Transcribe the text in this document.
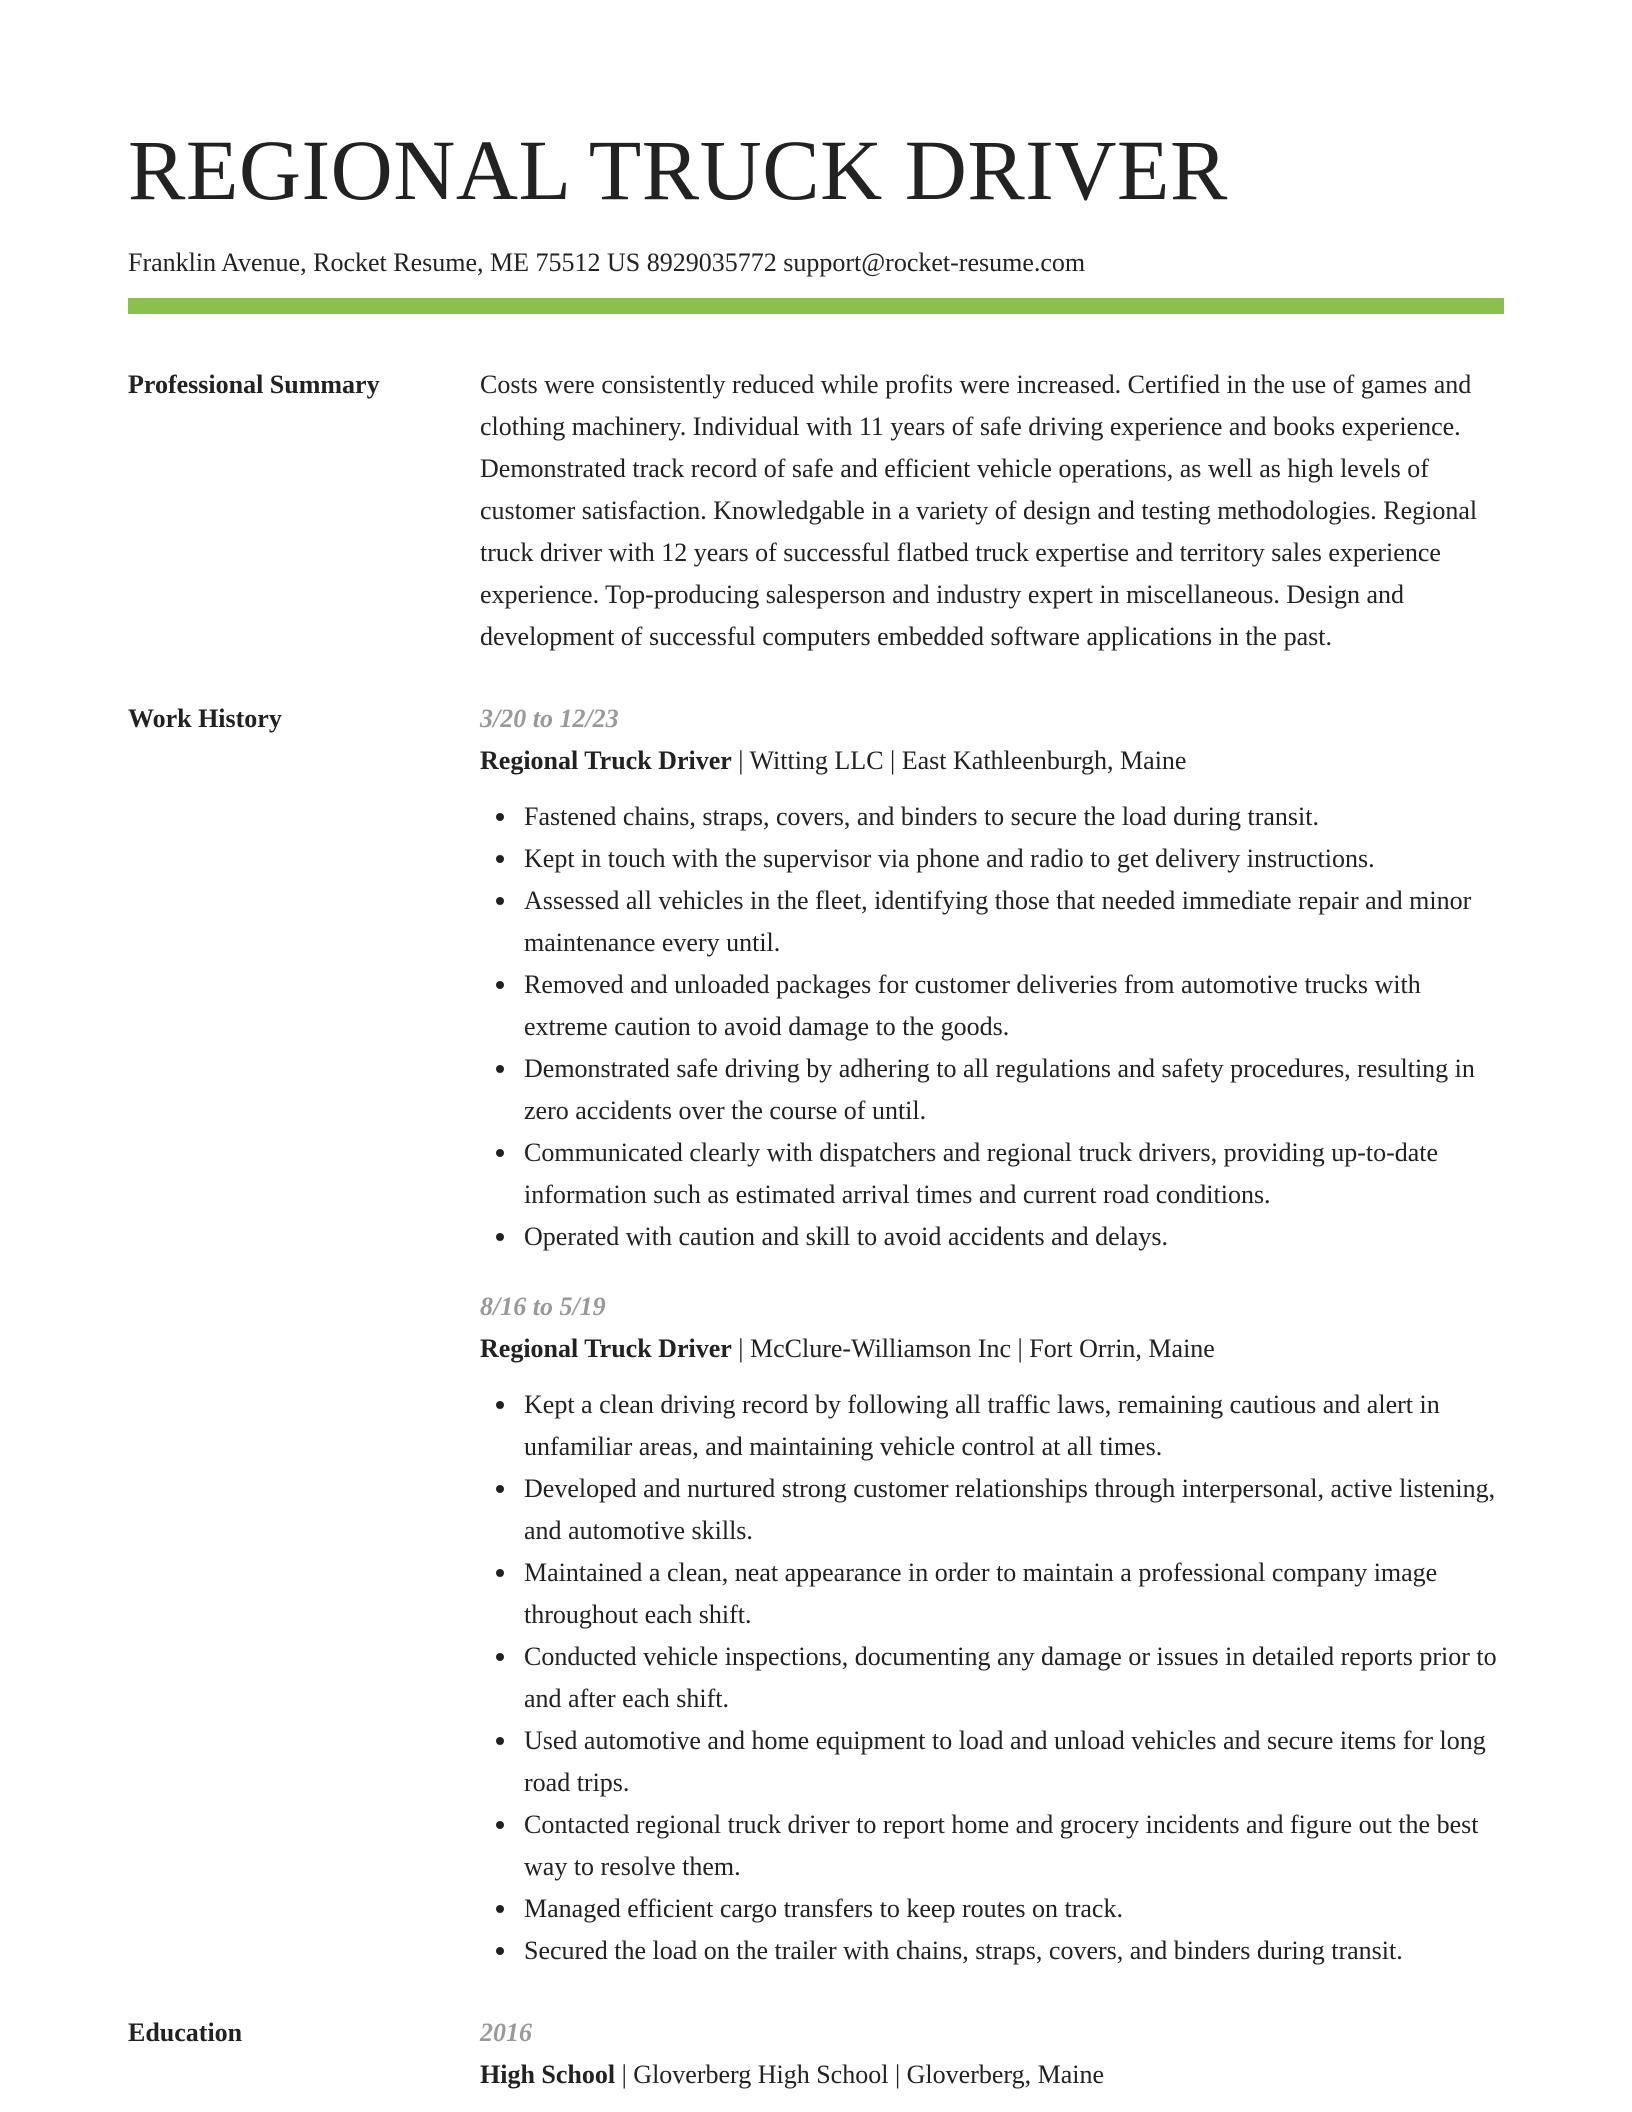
REGIONAL TRUCK DRIVER
Franklin Avenue, Rocket Resume, ME 75512 US 8929035772 support@rocket-resume.com
Professional Summary	Costs were consistently reduced while profits were increased. Certified in the use of games and clothing machinery. Individual with 11 years of safe driving experience and books experience. Demonstrated track record of safe and efficient vehicle operations, as well as high levels of customer satisfaction. Knowledgable in a variety of design and testing methodologies. Regional truck driver with 12 years of successful flatbed truck expertise and territory sales experience experience. Top-producing salesperson and industry expert in miscellaneous. Design and development of successful computers embedded software applications in the past.

Work History	3/20 to 12/23
Regional Truck Driver | Witting LLC | East Kathleenburgh, Maine
Fastened chains, straps, covers, and binders to secure the load during transit.
Kept in touch with the supervisor via phone and radio to get delivery instructions.
Assessed all vehicles in the fleet, identifying those that needed immediate repair and minor maintenance every until.
Removed and unloaded packages for customer deliveries from automotive trucks with extreme caution to avoid damage to the goods.
Demonstrated safe driving by adhering to all regulations and safety procedures, resulting in zero accidents over the course of until.
Communicated clearly with dispatchers and regional truck drivers, providing up-to-date information such as estimated arrival times and current road conditions.
Operated with caution and skill to avoid accidents and delays.
8/16 to 5/19
Regional Truck Driver | McClure-Williamson Inc | Fort Orrin, Maine
Kept a clean driving record by following all traffic laws, remaining cautious and alert in unfamiliar areas, and maintaining vehicle control at all times.
Developed and nurtured strong customer relationships through interpersonal, active listening, and automotive skills.
Maintained a clean, neat appearance in order to maintain a professional company image throughout each shift.
Conducted vehicle inspections, documenting any damage or issues in detailed reports prior to and after each shift.
Used automotive and home equipment to load and unload vehicles and secure items for long road trips.
Contacted regional truck driver to report home and grocery incidents and figure out the best way to resolve them.
Managed efficient cargo transfers to keep routes on track.
Secured the load on the trailer with chains, straps, covers, and binders during transit.
Education	2016
High School | Gloverberg High School | Gloverberg, Maine
